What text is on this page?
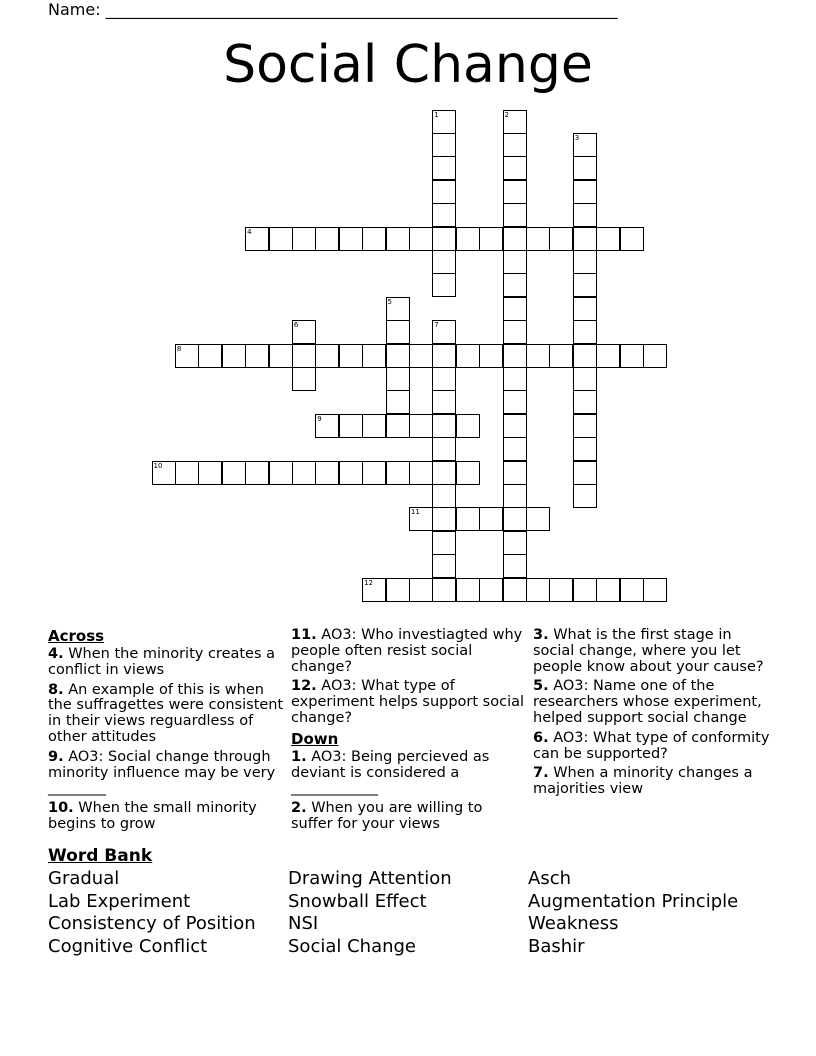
Name: ________________________________________________________________
Social Change
1	2
3
4
5
6	7
8
9
10
11
12
Across
4. When the minority creates a conflict in views
8. An example of this is when the suffragettes were consistent in their views reguardless of other attitudes
9. AO3: Social change through minority influence may be very ________
10. When the small minority begins to grow
11. AO3: Who investiagted why people often resist social change?
12. AO3: What type of experiment helps support social change?
Down
1. AO3: Being percieved as deviant is considered a ____________
2. When you are willing to suffer for your views
3. What is the first stage in social change, where you let people know about your cause?
5. AO3: Name one of the researchers whose experiment, helped support social change
6. AO3: What type of conformity can be supported?
7. When a minority changes a majorities view
Word Bank
Gradual
Lab Experiment
Consistency of Position
Cognitive Conflict
Drawing Attention
Snowball Effect
NSI
Social Change
Asch
Augmentation Principle
Weakness
Bashir
